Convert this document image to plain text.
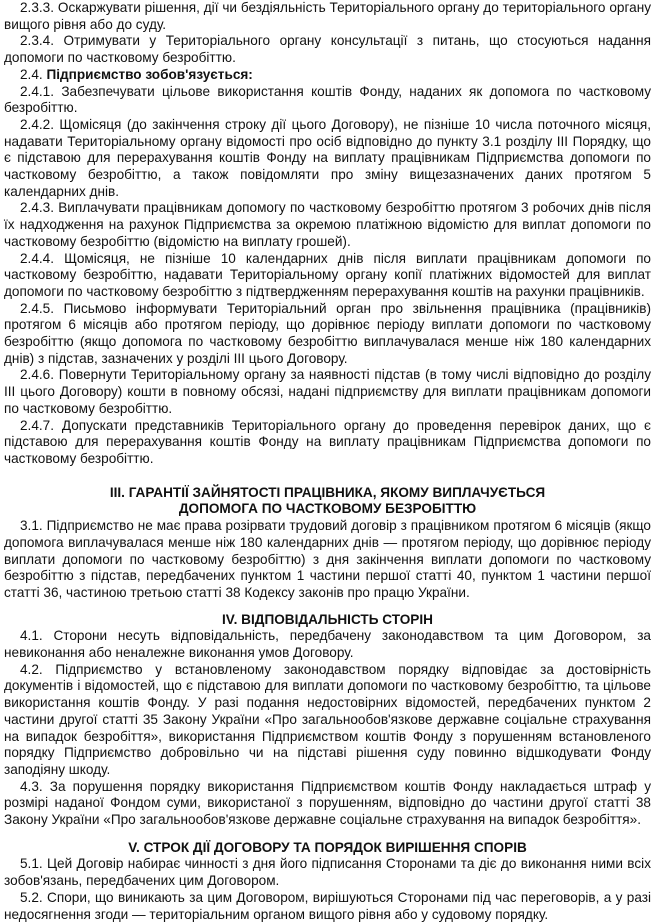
2.3.3. Оскаржувати рішення, дії чи бездіяльність Територіального органу до територіального органу вищого рівня або до суду.

2.3.4. Отримувати у Територіального органу консультації з питань, що стосуються надання допомоги по частковому безробіттю.

2.4. Підприємство зобов'язується:

2.4.1. Забезпечувати цільове використання коштів Фонду, наданих як допомога по частковому безробіттю.

2.4.2. Щомісяця (до закінчення строку дії цього Договору), не пізніше 10 числа поточного місяця, надавати Територіальному органу відомості про осіб відповідно до пункту 3.1 розділу III Порядку, що є підставою для перерахування коштів Фонду на виплату працівникам Підприємства допомоги по частковому безробіттю, а також повідомляти про зміну вищезазначених даних протягом 5 календарних днів.

2.4.3. Виплачувати працівникам допомогу по частковому безробіттю протягом 3 робочих днів після їх надходження на рахунок Підприємства за окремою платіжною відомістю для виплат допомоги по частковому безробіттю (відомістю на виплату грошей).

2.4.4. Щомісяця, не пізніше 10 календарних днів після виплати працівникам допомоги по частковому безробіттю, надавати Територіальному органу копії платіжних відомостей для виплат допомоги по частковому безробіттю з підтвердженням перерахування коштів на рахунки працівників.

2.4.5. Письмово інформувати Територіальний орган про звільнення працівника (працівників) протягом 6 місяців або протягом періоду, що дорівнює періоду виплати допомоги по частковому безробіттю (якщо допомога по частковому безробіттю виплачувалася менше ніж 180 календарних днів) з підстав, зазначених у розділі III цього Договору.

2.4.6. Повернути Територіальному органу за наявності підстав (в тому числі відповідно до розділу III цього Договору) кошти в повному обсязі, надані підприємству для виплати працівникам допомоги по частковому безробіттю.

2.4.7. Допускати представників Територіального органу до проведення перевірок даних, що є підставою для перерахування коштів Фонду на виплату працівникам Підприємства допомоги по частковому безробіттю.

III. ГАРАНТІЇ ЗАЙНЯТОСТІ ПРАЦІВНИКА, ЯКОМУ ВИПЛАЧУЄТЬСЯ
ДОПОМОГА ПО ЧАСТКОВОМУ БЕЗРОБІТТЮ

3.1. Підприємство не має права розірвати трудовий договір з працівником протягом 6 місяців (якщо допомога виплачувалася менше ніж 180 календарних днів — протягом періоду, що дорівнює періоду виплати допомоги по частковому безробіттю) з дня закінчення виплати допомоги по частковому безробіттю з підстав, передбачених пунктом 1 частини першої статті 40, пунктом 1 частини першої статті 36, частиною третьою статті 38 Кодексу законів про працю України.

IV. ВІДПОВІДАЛЬНІСТЬ СТОРІН

4.1. Сторони несуть відповідальність, передбачену законодавством та цим Договором, за невиконання або неналежне виконання умов Договору.

4.2. Підприємство у встановленому законодавством порядку відповідає за достовірність документів і відомостей, що є підставою для виплати допомоги по частковому безробіттю, та цільове використання коштів Фонду. У разі подання недостовірних відомостей, передбачених пунктом 2 частини другої статті 35 Закону України «Про загальнообов'язкове державне соціальне страхування на випадок безробіття», використання Підприємством коштів Фонду з порушенням встановленого порядку Підприємство добровільно чи на підставі рішення суду повинно відшкодувати Фонду заподіяну шкоду.

4.3. За порушення порядку використання Підприємством коштів Фонду накладається штраф у розмірі наданої Фондом суми, використаної з порушенням, відповідно до частини другої статті 38 Закону України «Про загальнообов'язкове державне соціальне страхування на випадок безробіття».

V. СТРОК ДІЇ ДОГОВОРУ ТА ПОРЯДОК ВИРІШЕННЯ СПОРІВ

5.1. Цей Договір набирає чинності з дня його підписання Сторонами та діє до виконання ними всіх зобов'язань, передбачених цим Договором.

5.2. Спори, що виникають за цим Договором, вирішуються Сторонами під час переговорів, а у разі недосягнення згоди — територіальним органом вищого рівня або у судовому порядку.
